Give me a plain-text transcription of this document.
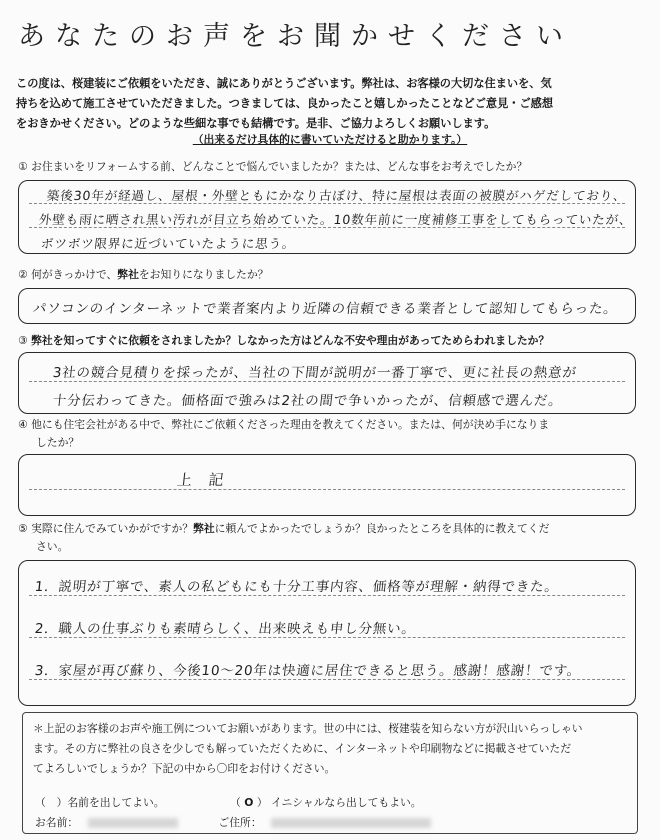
あなたのお声をお聞かせください
この度は、桜建装にご依頼をいただき、誠にありがとうございます。弊社は、お客様の大切な住まいを、気
持ちを込めて施工させていただきました。つきましては、良かったこと嬉しかったことなどご意見・ご感想
をおきかせください。どのような些細な事でも結構です。是非、ご協力よろしくお願いします。
（出来るだけ具体的に書いていただけると助かります。）
① お住まいをリフォームする前、どんなことで悩んでいましたか？または、どんな事をお考えでしたか？
築後30年が経過し、屋根・外壁ともにかなり古ぼけ、特に屋根は表面の被膜がハゲだしており、
外壁も雨に晒され黒い汚れが目立ち始めていた。10数年前に一度補修工事をしてもらっていたが、
ボツボツ限界に近づいていたように思う。
② 何がきっかけで、弊社をお知りになりましたか？
パソコンのインターネットで業者案内より近隣の信頼できる業者として認知してもらった。
③ 弊社を知ってすぐに依頼をされましたか？しなかった方はどんな不安や理由があってためらわれましたか？
3社の競合見積りを採ったが、当社の下間が説明が一番丁寧で、更に社長の熱意が
十分伝わってきた。価格面で強みは2社の間で争いかったが、信頼感で選んだ。
④ 他にも住宅会社がある中で、弊社にご依頼くださった理由を教えてください。または、何が決め手になりま
したか？
上　記
⑤ 実際に住んでみていかがですか？弊社に頼んでよかったでしょうか？良かったところを具体的に教えてくだ
さい。
1．説明が丁寧で、素人の私どもにも十分工事内容、価格等が理解・納得できた。
2．職人の仕事ぶりも素晴らしく、出来映えも申し分無い。
3．家屋が再び蘇り、今後10～20年は快適に居住できると思う。感謝！感謝！です。

＊上記のお客様のお声や施工例についてお願いがあります。世の中には、桜建装を知らない方が沢山いらっしゃい

ます。その方に弊社の良さを少しでも解っていただくために、インターネットや印刷物などに掲載させていただ

てよろしいでしょうか？下記の中から〇印をお付けください。

（　）名前を出してよい。	（ O ） イニシャルなら出してもよい。
お名前：	ご住所：
